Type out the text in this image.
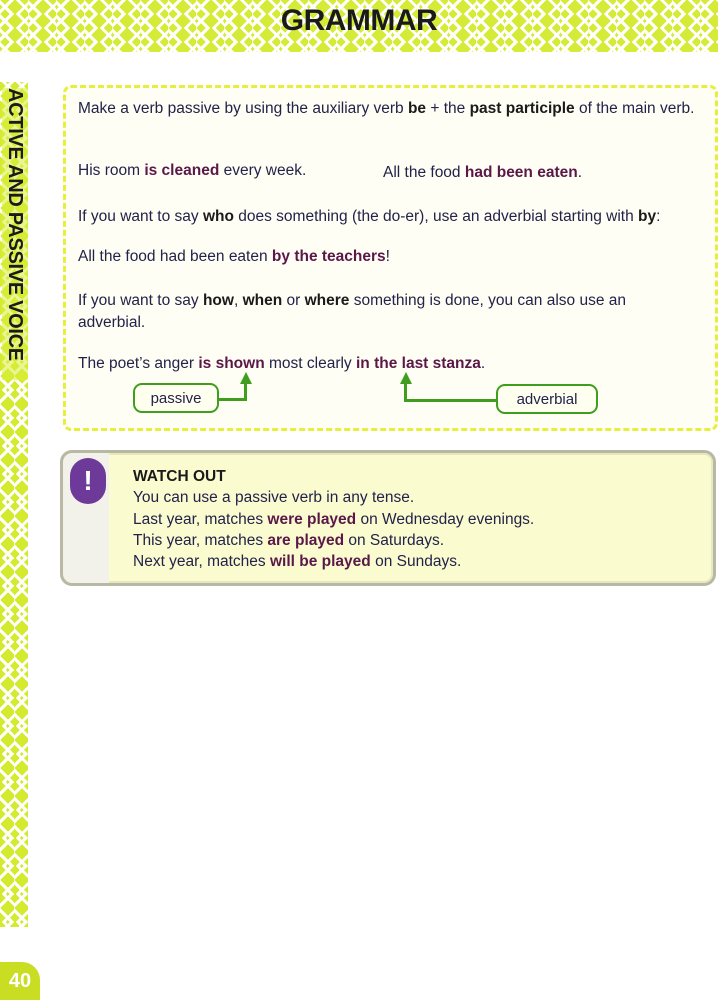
GRAMMAR
ACTIVE AND PASSIVE VOICE
40
Make a verb passive by using the auxiliary verb be + the past participle of the main verb.
His room is cleaned every week.	All the food had been eaten.
If you want to say who does something (the do-er), use an adverbial starting with by:
All the food had been eaten by the teachers!
If you want to say how, when or where something is done, you can also use an adverbial.
The poet’s anger is shown most clearly in the last stanza.
passive	adverbial
!	WATCH OUT
You can use a passive verb in any tense.
Last year, matches were played on Wednesday evenings.
This year, matches are played on Saturdays.
Next year, matches will be played on Sundays.
